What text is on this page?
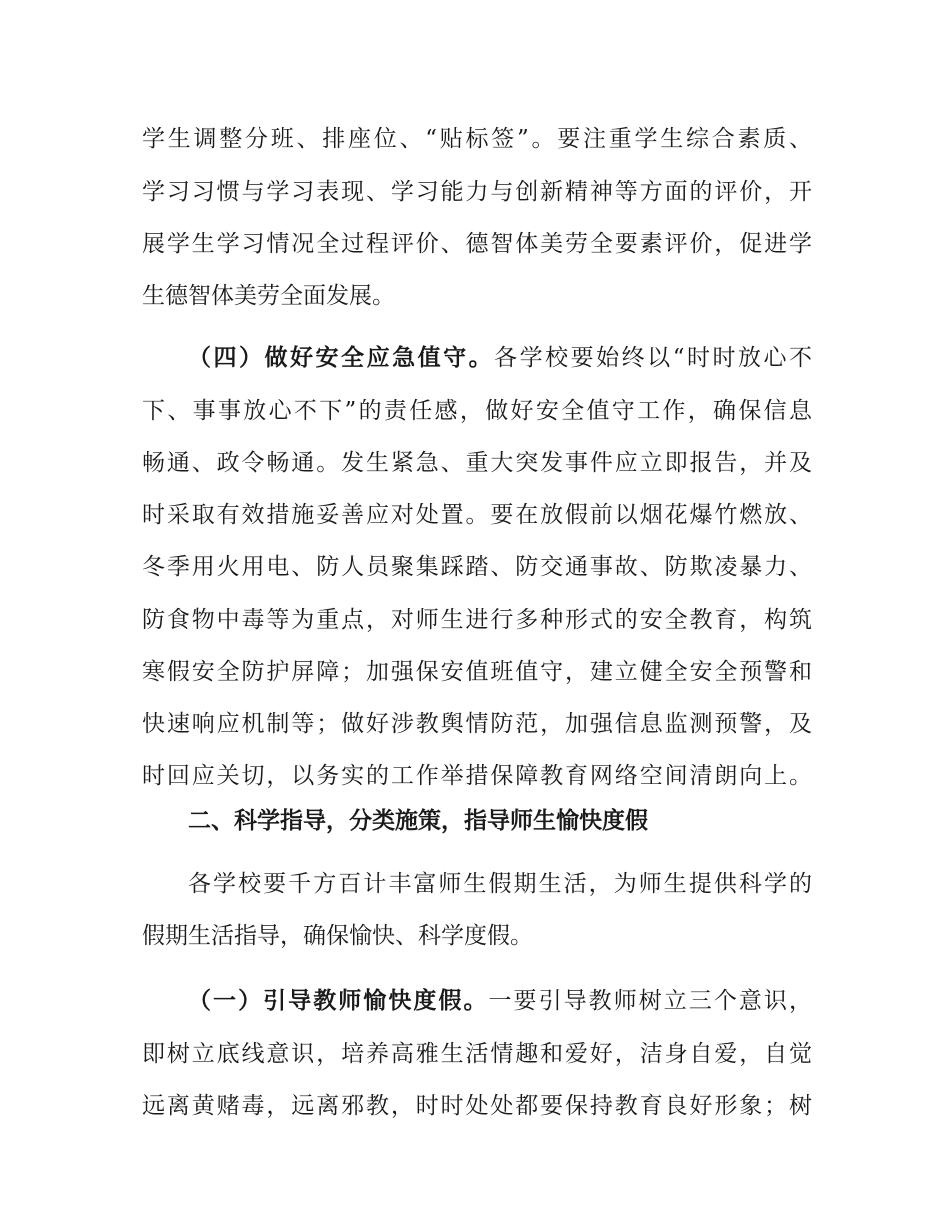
学生调整分班、排座位、“贴标签”。要注重学生综合素质、
学习习惯与学习表现、学习能力与创新精神等方面的评价，开
展学生学习情况全过程评价、德智体美劳全要素评价，促进学
生德智体美劳全面发展。
（四）做好安全应急值守。各学校要始终以“时时放心不
下、事事放心不下”的责任感，做好安全值守工作，确保信息
畅通、政令畅通。发生紧急、重大突发事件应立即报告，并及
时采取有效措施妥善应对处置。要在放假前以烟花爆竹燃放、
冬季用火用电、防人员聚集踩踏、防交通事故、防欺凌暴力、
防食物中毒等为重点，对师生进行多种形式的安全教育，构筑
寒假安全防护屏障；加强保安值班值守，建立健全安全预警和
快速响应机制等；做好涉教舆情防范，加强信息监测预警，及
时回应关切，以务实的工作举措保障教育网络空间清朗向上。
二、科学指导，分类施策，指导师生愉快度假
各学校要千方百计丰富师生假期生活，为师生提供科学的
假期生活指导，确保愉快、科学度假。
（一）引导教师愉快度假。一要引导教师树立三个意识，
即树立底线意识，培养高雅生活情趣和爱好，洁身自爱，自觉
远离黄赌毒，远离邪教，时时处处都要保持教育良好形象；树
